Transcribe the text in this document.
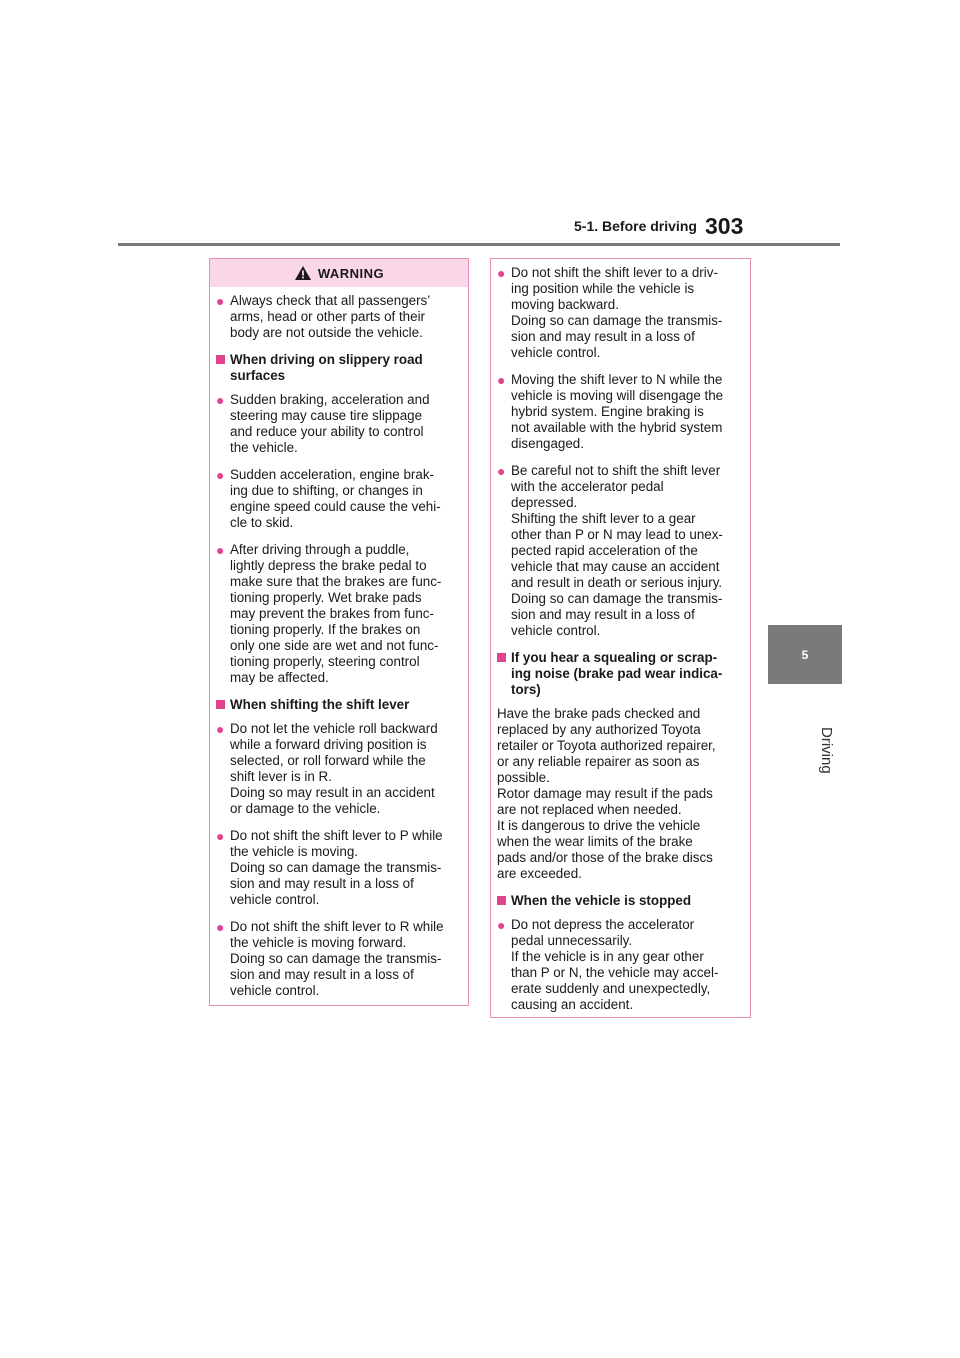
5-1. Before driving 303
5
Driving
WARNING
● Always check that all passengers’
arms, head or other parts of their
body are not outside the vehicle.
When driving on slippery road
surfaces
● Sudden braking, acceleration and
steering may cause tire slippage
and reduce your ability to control
the vehicle.
● Sudden acceleration, engine brak-
ing due to shifting, or changes in
engine speed could cause the vehi-
cle to skid.
● After driving through a puddle,
lightly depress the brake pedal to
make sure that the brakes are func-
tioning properly. Wet brake pads
may prevent the brakes from func-
tioning properly. If the brakes on
only one side are wet and not func-
tioning properly, steering control
may be affected.
When shifting the shift lever
● Do not let the vehicle roll backward
while a forward driving position is
selected, or roll forward while the
shift lever is in R.
Doing so may result in an accident
or damage to the vehicle.
● Do not shift the shift lever to P while
the vehicle is moving.
Doing so can damage the transmis-
sion and may result in a loss of
vehicle control.
● Do not shift the shift lever to R while
the vehicle is moving forward.
Doing so can damage the transmis-
sion and may result in a loss of
vehicle control.
● Do not shift the shift lever to a driv-
ing position while the vehicle is
moving backward.
Doing so can damage the transmis-
sion and may result in a loss of
vehicle control.
● Moving the shift lever to N while the
vehicle is moving will disengage the
hybrid system. Engine braking is
not available with the hybrid system
disengaged.
● Be careful not to shift the shift lever
with the accelerator pedal
depressed.
Shifting the shift lever to a gear
other than P or N may lead to unex-
pected rapid acceleration of the
vehicle that may cause an accident
and result in death or serious injury.
Doing so can damage the transmis-
sion and may result in a loss of
vehicle control.
If you hear a squealing or scrap-
ing noise (brake pad wear indica-
tors)
Have the brake pads checked and
replaced by any authorized Toyota
retailer or Toyota authorized repairer,
or any reliable repairer as soon as
possible.
Rotor damage may result if the pads
are not replaced when needed.
It is dangerous to drive the vehicle
when the wear limits of the brake
pads and/or those of the brake discs
are exceeded.
When the vehicle is stopped
● Do not depress the accelerator
pedal unnecessarily.
If the vehicle is in any gear other
than P or N, the vehicle may accel-
erate suddenly and unexpectedly,
causing an accident.
